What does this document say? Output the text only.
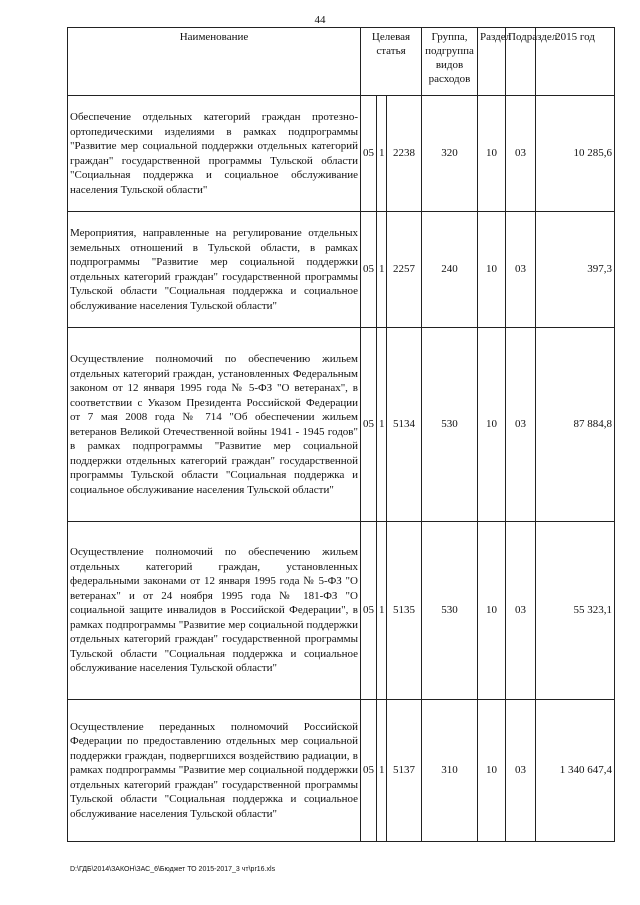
44
Наименование	Целевая статья			Группа, подгруппа видов расходов	Раздел	Подраздел	2015 год
Обеспечение отдельных категорий граждан протезно-ортопедическими изделиями в рамках подпрограммы "Развитие мер социальной поддержки отдельных категорий граждан" государственной программы Тульской области "Социальная поддержка и социальное обслуживание населения Тульской области"	05	1	2238	320	10	03	10 285,6
Мероприятия, направленные на регулирование отдельных земельных отношений в Тульской области, в рамках подпрограммы "Развитие мер социальной поддержки отдельных категорий граждан" государственной программы Тульской области "Социальная поддержка и социальное обслуживание населения Тульской области"	05	1	2257	240	10	03	397,3
Осуществление полномочий по обеспечению жильем отдельных категорий граждан, установленных Федеральным законом от 12 января 1995 года № 5-ФЗ "О ветеранах", в соответствии с Указом Президента Российской Федерации от 7 мая 2008 года № 714 "Об обеспечении жильем ветеранов Великой Отечественной войны 1941 - 1945 годов" в рамках подпрограммы "Развитие мер социальной поддержки отдельных категорий граждан" государственной программы Тульской области "Социальная поддержка и социальное обслуживание населения Тульской области"	05	1	5134	530	10	03	87 884,8
Осуществление полномочий по обеспечению жильем отдельных категорий граждан, установленных федеральными законами от 12 января 1995 года № 5-ФЗ "О ветеранах" и от 24 ноября 1995 года № 181-ФЗ "О социальной защите инвалидов в Российской Федерации", в рамках подпрограммы "Развитие мер социальной поддержки отдельных категорий граждан" государственной программы Тульской области "Социальная поддержка и социальное обслуживание населения Тульской области"	05	1	5135	530	10	03	55 323,1
Осуществление переданных полномочий Российской Федерации по предоставлению отдельных мер социальной поддержки граждан, подвергшихся воздействию радиации, в рамках подпрограммы "Развитие мер социальной поддержки отдельных категорий граждан" государственной программы Тульской области "Социальная поддержка и социальное обслуживание населения Тульской области"	05	1	5137	310	10	03	1 340 647,4
D:\ГДБ\2014\ЗАКОН\ЗАС_6\Бюджет ТО 2015-2017_3 чт\pr16.xls
